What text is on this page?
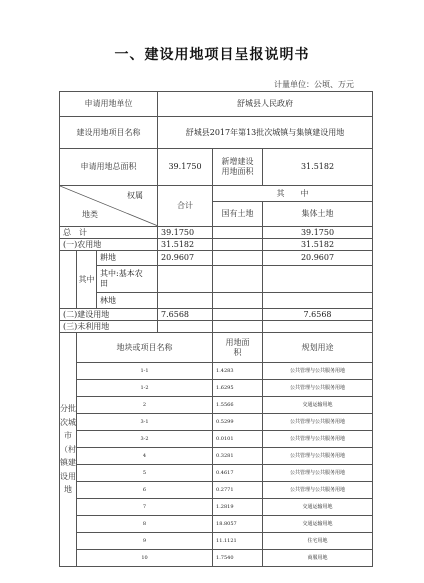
一、建设用地项目呈报说明书
计量单位：公顷、万元
申请用地单位			舒城县人民政府		
建设用地项目名称			舒城县2017年第13批次城镇与集镇建设用地		
申请用地总面积			39.1750	新增建设用地面积	31.5182

权属
地类			合计	其　　中	
				国有土地	集体土地
总　计			39.1750		39.1750
(一)农用地			31.5182		31.5182
	其中	耕地	20.9607		20.9607
		其中:基本农田			
		林地			
(二)建设用地			7.6568		7.6568
(三)未利用地					
分批次城市（村镇建设用地	地块或项目名称			用地面积	规划用途
	1-1			1.4283	公共管理与公共服务用地
	1-2			1.6295	公共管理与公共服务用地
	2			1.5566	交通运输用地
	3-1			0.5299	公共管理与公共服务用地
	3-2			0.0101	公共管理与公共服务用地
	4			0.3281	公共管理与公共服务用地
	5			0.4617	公共管理与公共服务用地
	6			0.2771	公共管理与公共服务用地
	7			1.2819	交通运输用地
	8			18.8057	交通运输用地
	9			11.1121	住宅用地
	10			1.7540	商服用地
